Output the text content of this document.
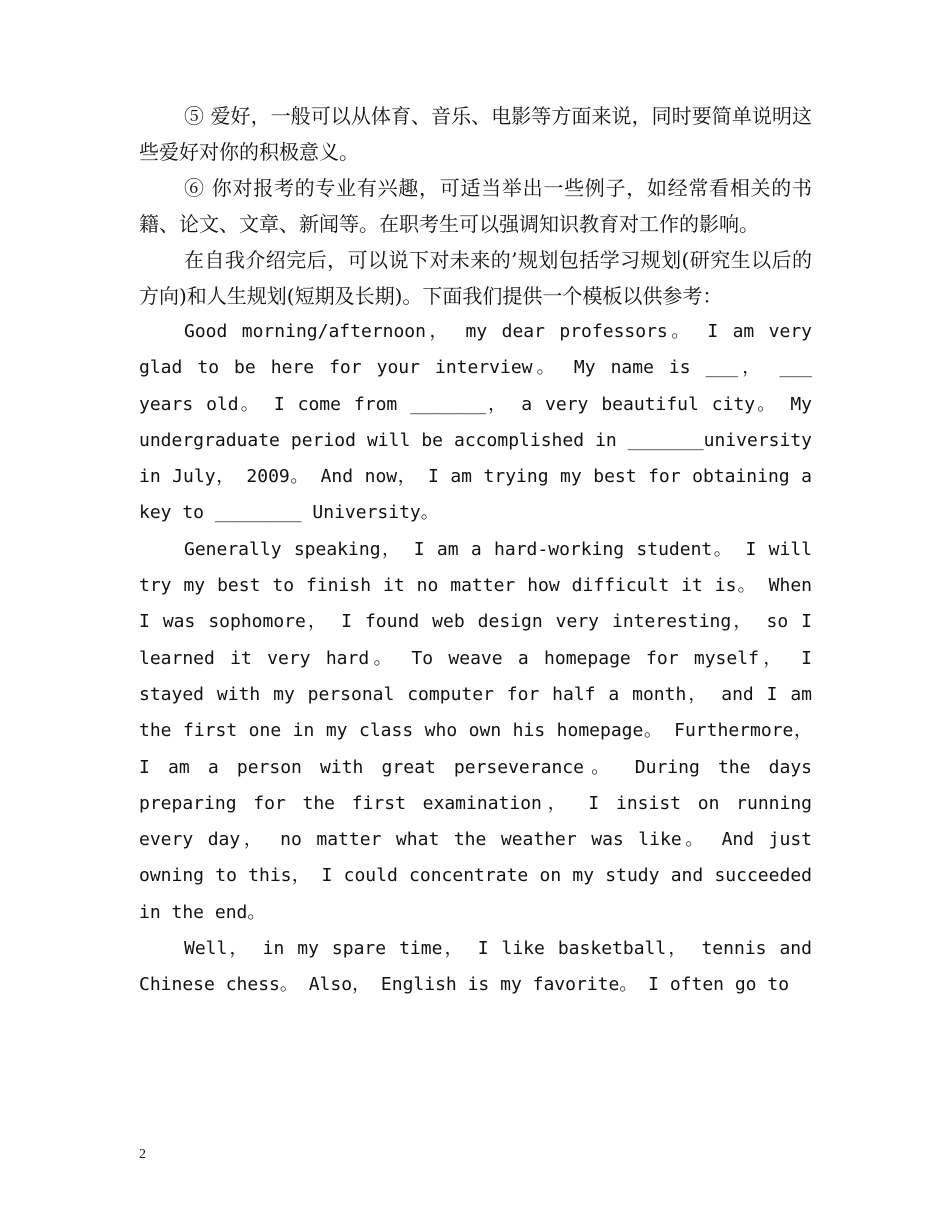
⑤ 爱好，一般可以从体育、音乐、电影等方面来说，同时要简单说明这些爱好对你的积极意义。

⑥ 你对报考的专业有兴趣，可适当举出一些例子，如经常看相关的书籍、论文、文章、新闻等。在职考生可以强调知识教育对工作的影响。

在自我介绍完后，可以说下对未来的’规划包括学习规划(研究生以后的方向)和人生规划(短期及长期)。下面我们提供一个模板以供参考：

Good morning/afternoon， my dear professors。 I am very glad to be here for your interview。 My name is ___， ___ years old。 I come from _______， a very beautiful city。 My undergraduate period will be accomplished in _______university in July， 2009。 And now， I am trying my best for obtaining a key to ________ University。

Generally speaking， I am a hard-working student。 I will try my best to finish it no matter how difficult it is。 When I was sophomore， I found web design very interesting， so I learned it very hard。 To weave a homepage for myself， I stayed with my personal computer for half a month， and I am the first one in my class who own his homepage。 Furthermore， I am a person with great perseverance。 During the days preparing for the first examination， I insist on running every day， no matter what the weather was like。 And just owning to this， I could concentrate on my study and succeeded in the end。

Well， in my spare time， I like basketball， tennis and Chinese chess。 Also， English is my favorite。 I often go to

2
